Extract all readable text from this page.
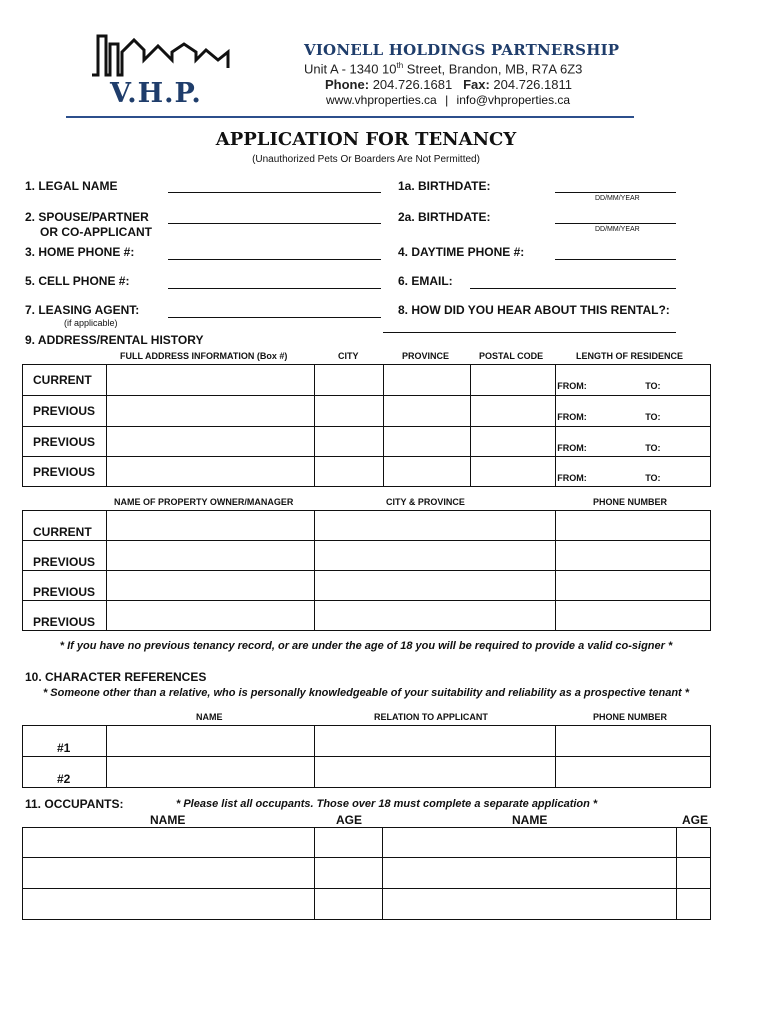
V.H.P.
VIONELL HOLDINGS PARTNERSHIP
Unit A - 1340 10th Street, Brandon, MB, R7A 6Z3
Phone: 204.726.1681 Fax: 204.726.1811
www.vhproperties.ca | info@vhproperties.ca
APPLICATION FOR TENANCY
(Unauthorized Pets Or Boarders Are Not Permitted)
1. LEGAL NAME	1a. BIRTHDATE:
DD/MM/YEAR
2. SPOUSE/PARTNER
OR CO-APPLICANT
2a. BIRTHDATE:
DD/MM/YEAR
3. HOME PHONE #:	4. DAYTIME PHONE #:
5. CELL PHONE #:	6. EMAIL:
7. LEASING AGENT:
(if applicable)
8. HOW DID YOU HEAR ABOUT THIS RENTAL?:
9. ADDRESS/RENTAL HISTORY
FULL ADDRESS INFORMATION (Box #)	CITY	PROVINCE	POSTAL CODE	LENGTH OF RESIDENCE
CURRENT					FROM: TO:

PREVIOUS					FROM: TO:

PREVIOUS					FROM: TO:

PREVIOUS					FROM: TO:
NAME OF PROPERTY OWNER/MANAGER	CITY & PROVINCE	PHONE NUMBER
CURRENT			
PREVIOUS			
PREVIOUS			
PREVIOUS			
* If you have no previous tenancy record, or are under the age of 18 you will be required to provide a valid co-signer *
10. CHARACTER REFERENCES
* Someone other than a relative, who is personally knowledgeable of your suitability and reliability as a prospective tenant *
NAME	RELATION TO APPLICANT	PHONE NUMBER
#1			
#2			
11. OCCUPANTS:	* Please list all occupants. Those over 18 must complete a separate application *
NAME	AGE	NAME	AGE
